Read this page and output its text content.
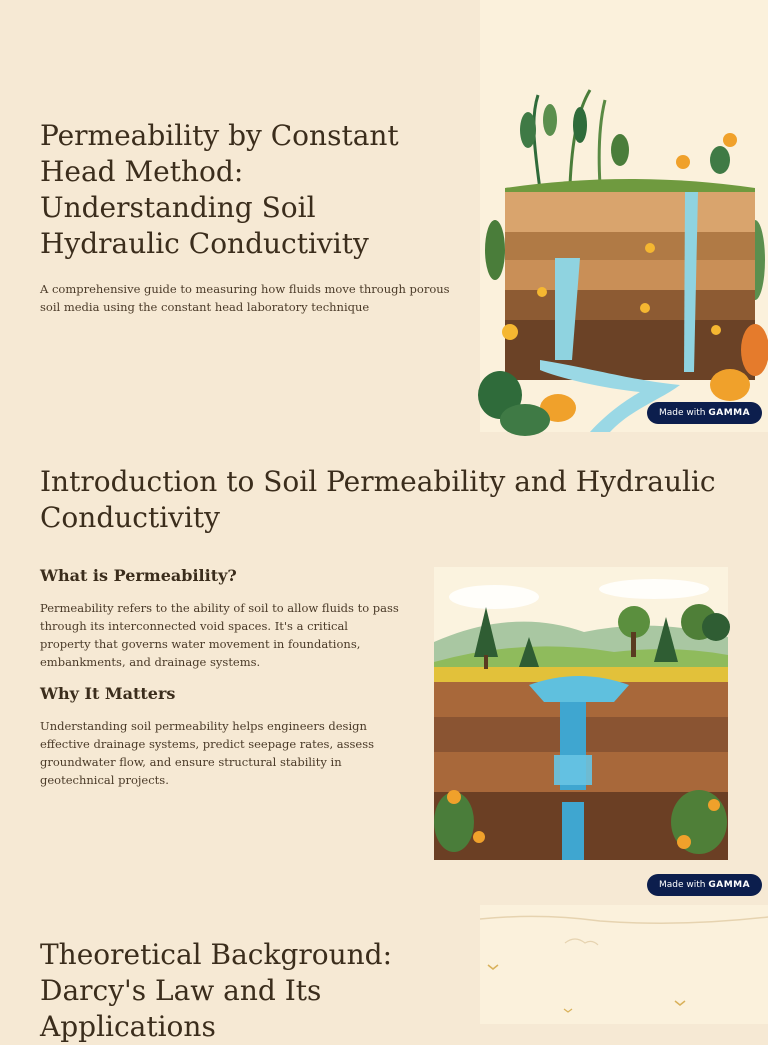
Permeability by Constant Head Method: Understanding Soil Hydraulic Conductivity

A comprehensive guide to measuring how fluids move through porous soil media using the constant head laboratory technique

Made with GAMMA
Introduction to Soil Permeability and Hydraulic Conductivity
What is Permeability?

Permeability refers to the ability of soil to allow fluids to pass through its interconnected void spaces. It's a critical property that governs water movement in foundations, embankments, and drainage systems.

Why It Matters

Understanding soil permeability helps engineers design effective drainage systems, predict seepage rates, assess groundwater flow, and ensure structural stability in geotechnical projects.

Made with GAMMA
Theoretical Background: Darcy's Law and Its Applications
